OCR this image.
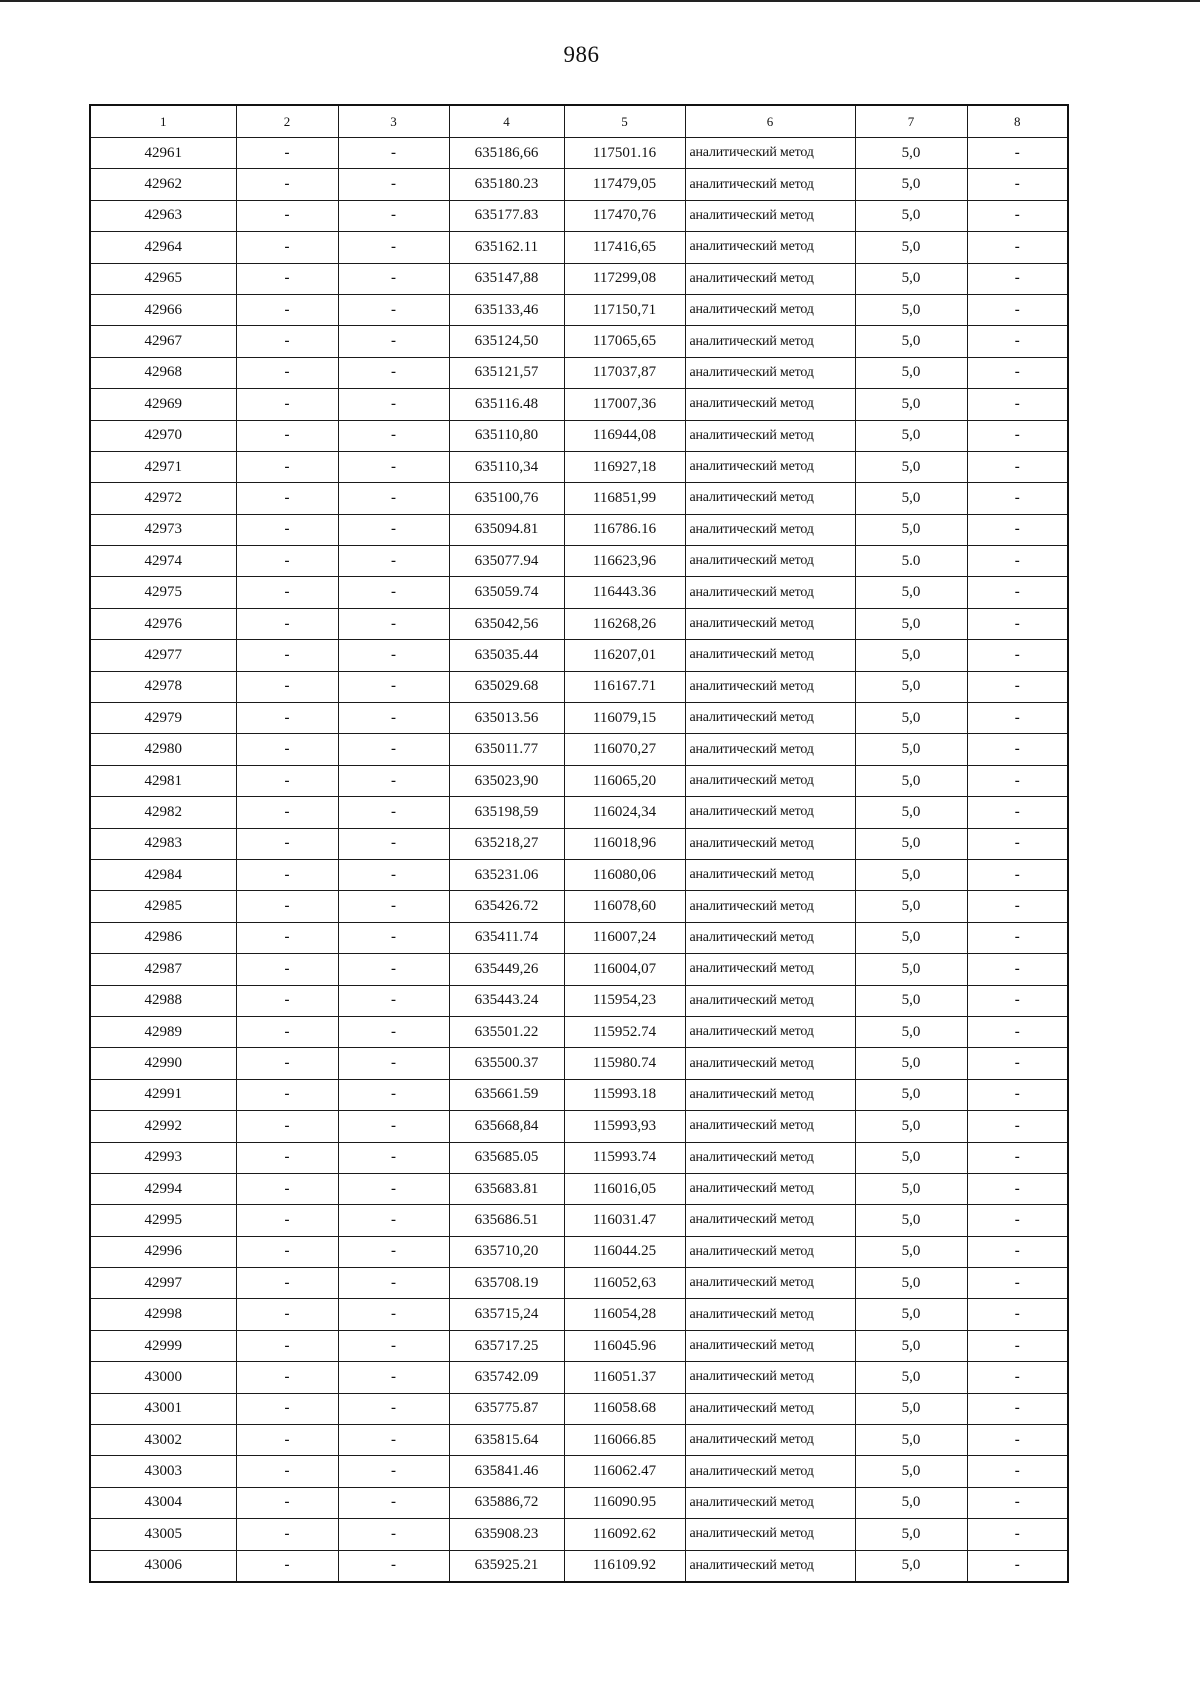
986
1	2	3	4	5	6	7	8
42961	-	-	635186,66	117501.16	аналитический метод	5,0	-
42962	-	-	635180.23	117479,05	аналитический метод	5,0	-
42963	-	-	635177.83	117470,76	аналитический метод	5,0	-
42964	-	-	635162.11	117416,65	аналитический метод	5,0	-
42965	-	-	635147,88	117299,08	аналитический метод	5,0	-
42966	-	-	635133,46	117150,71	аналитический метод	5,0	-
42967	-	-	635124,50	117065,65	аналитический метод	5,0	-
42968	-	-	635121,57	117037,87	аналитический метод	5,0	-
42969	-	-	635116.48	117007,36	аналитический метод	5,0	-
42970	-	-	635110,80	116944,08	аналитический метод	5,0	-
42971	-	-	635110,34	116927,18	аналитический метод	5,0	-
42972	-	-	635100,76	116851,99	аналитический метод	5,0	-
42973	-	-	635094.81	116786.16	аналитический метод	5,0	-
42974	-	-	635077.94	116623,96	аналитический метод	5.0	-
42975	-	-	635059.74	116443.36	аналитический метод	5,0	-
42976	-	-	635042,56	116268,26	аналитический метод	5,0	-
42977	-	-	635035.44	116207,01	аналитический метод	5,0	-
42978	-	-	635029.68	116167.71	аналитический метод	5,0	-
42979	-	-	635013.56	116079,15	аналитический метод	5,0	-
42980	-	-	635011.77	116070,27	аналитический метод	5,0	-
42981	-	-	635023,90	116065,20	аналитический метод	5,0	-
42982	-	-	635198,59	116024,34	аналитический метод	5,0	-
42983	-	-	635218,27	116018,96	аналитический метод	5,0	-
42984	-	-	635231.06	116080,06	аналитический метод	5,0	-
42985	-	-	635426.72	116078,60	аналитический метод	5,0	-
42986	-	-	635411.74	116007,24	аналитический метод	5,0	-
42987	-	-	635449,26	116004,07	аналитический метод	5,0	-
42988	-	-	635443.24	115954,23	аналитический метод	5,0	-
42989	-	-	635501.22	115952.74	аналитический метод	5,0	-
42990	-	-	635500.37	115980.74	аналитический метод	5,0	-
42991	-	-	635661.59	115993.18	аналитический метод	5,0	-
42992	-	-	635668,84	115993,93	аналитический метод	5,0	-
42993	-	-	635685.05	115993.74	аналитический метод	5,0	-
42994	-	-	635683.81	116016,05	аналитический метод	5,0	-
42995	-	-	635686.51	116031.47	аналитический метод	5,0	-
42996	-	-	635710,20	116044.25	аналитический метод	5,0	-
42997	-	-	635708.19	116052,63	аналитический метод	5,0	-
42998	-	-	635715,24	116054,28	аналитический метод	5,0	-
42999	-	-	635717.25	116045.96	аналитический метод	5,0	-
43000	-	-	635742.09	116051.37	аналитический метод	5,0	-
43001	-	-	635775.87	116058.68	аналитический метод	5,0	-
43002	-	-	635815.64	116066.85	аналитический метод	5,0	-
43003	-	-	635841.46	116062.47	аналитический метод	5,0	-
43004	-	-	635886,72	116090.95	аналитический метод	5,0	-
43005	-	-	635908.23	116092.62	аналитический метод	5,0	-
43006	-	-	635925.21	116109.92	аналитический метод	5,0	-
